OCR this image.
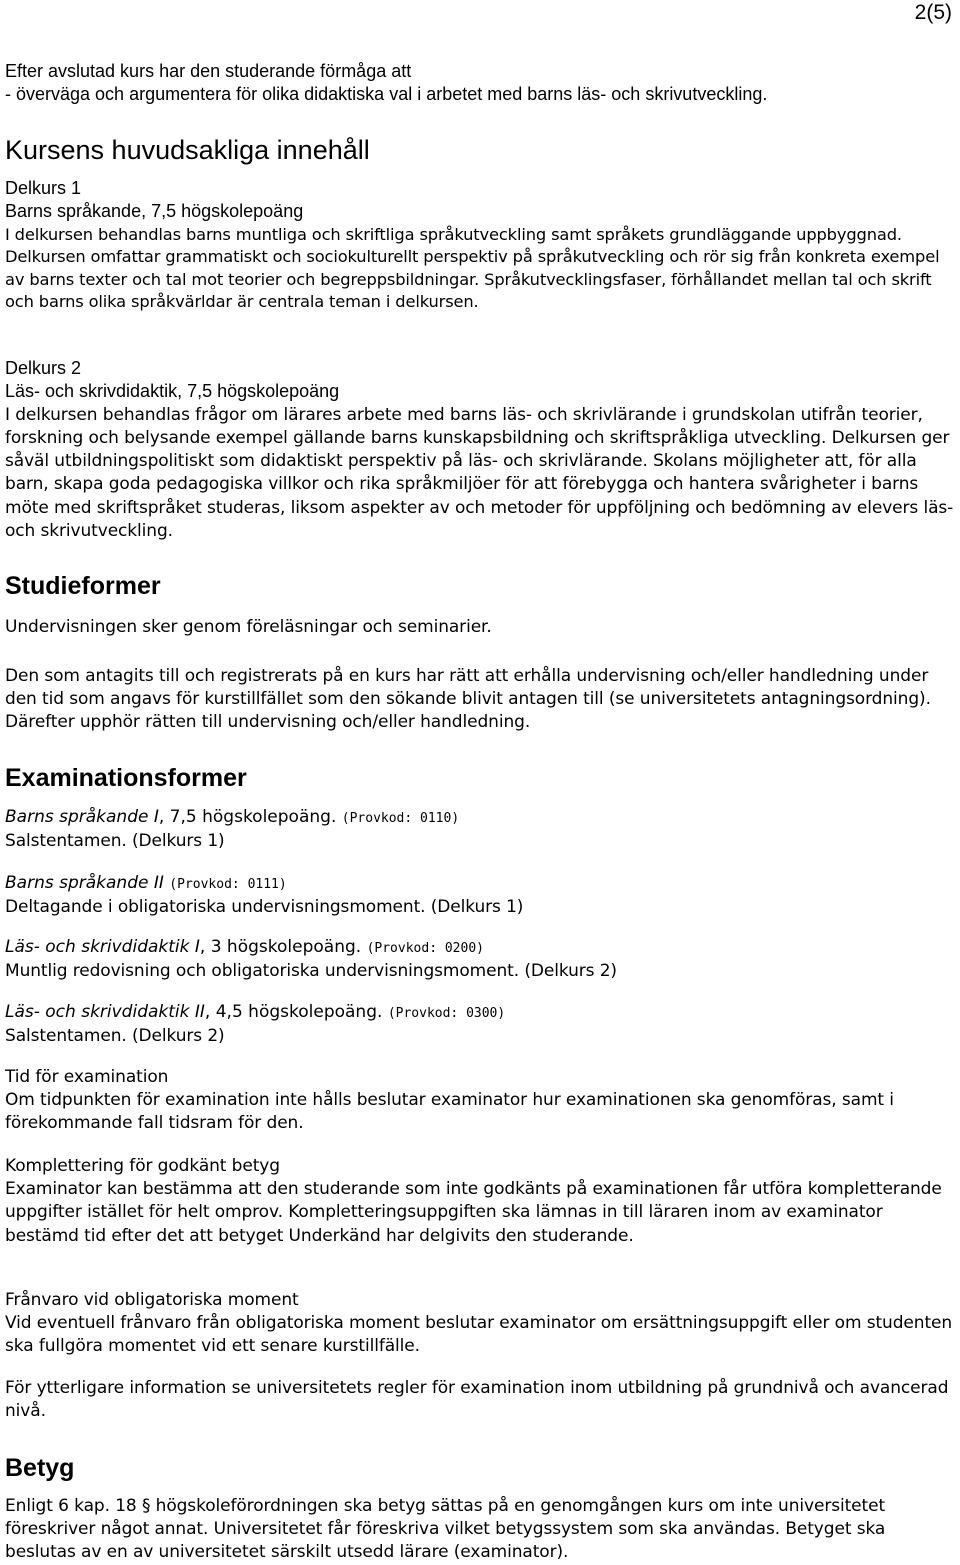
2(5)

Efter avslutad kurs har den studerande förmåga att

- överväga och argumentera för olika didaktiska val i arbetet med barns läs- och skrivutveckling.

Kursens huvudsakliga innehåll

Delkurs 1

Barns språkande, 7,5 högskolepoäng

I delkursen behandlas barns muntliga och skriftliga språkutveckling samt språkets grundläggande uppbyggnad. Delkursen omfattar grammatiskt och sociokulturellt perspektiv på språkutveckling och rör sig från konkreta exempel av barns texter och tal mot teorier och begreppsbildningar. Språkutvecklingsfaser, förhållandet mellan tal och skrift och barns olika språkvärldar är centrala teman i delkursen.

Delkurs 2

Läs- och skrivdidaktik, 7,5 högskolepoäng

I delkursen behandlas frågor om lärares arbete med barns läs- och skrivlärande i grundskolan utifrån teorier, forskning och belysande exempel gällande barns kunskapsbildning och skriftspråkliga utveckling. Delkursen ger såväl utbildningspolitiskt som didaktiskt perspektiv på läs- och skrivlärande. Skolans möjligheter att, för alla barn, skapa goda pedagogiska villkor och rika språkmiljöer för att förebygga och hantera svårigheter i barns möte med skriftspråket studeras, liksom aspekter av och metoder för uppföljning och bedömning av elevers läs- och skrivutveckling.

Studieformer

Undervisningen sker genom föreläsningar och seminarier.

Den som antagits till och registrerats på en kurs har rätt att erhålla undervisning och/eller handledning under den tid som angavs för kurstillfället som den sökande blivit antagen till (se universitetets antagningsordning). Därefter upphör rätten till undervisning och/eller handledning.

Examinationsformer

Barns språkande I, 7,5 högskolepoäng. (Provkod: 0110)

Salstentamen. (Delkurs 1)

Barns språkande II (Provkod: 0111)

Deltagande i obligatoriska undervisningsmoment. (Delkurs 1)

Läs- och skrivdidaktik I, 3 högskolepoäng. (Provkod: 0200)

Muntlig redovisning och obligatoriska undervisningsmoment. (Delkurs 2)

Läs- och skrivdidaktik II, 4,5 högskolepoäng. (Provkod: 0300)

Salstentamen. (Delkurs 2)

Tid för examination

Om tidpunkten för examination inte hålls beslutar examinator hur examinationen ska genomföras, samt i förekommande fall tidsram för den.

Komplettering för godkänt betyg

Examinator kan bestämma att den studerande som inte godkänts på examinationen får utföra kompletterande uppgifter istället för helt omprov. Kompletteringsuppgiften ska lämnas in till läraren inom av examinator bestämd tid efter det att betyget Underkänd har delgivits den studerande.

Frånvaro vid obligatoriska moment

Vid eventuell frånvaro från obligatoriska moment beslutar examinator om ersättningsuppgift eller om studenten ska fullgöra momentet vid ett senare kurstillfälle.

För ytterligare information se universitetets regler för examination inom utbildning på grundnivå och avancerad nivå.

Betyg

Enligt 6 kap. 18 § högskoleförordningen ska betyg sättas på en genomgången kurs om inte universitetet föreskriver något annat. Universitetet får föreskriva vilket betygssystem som ska användas. Betyget ska beslutas av en av universitetet särskilt utsedd lärare (examinator).
